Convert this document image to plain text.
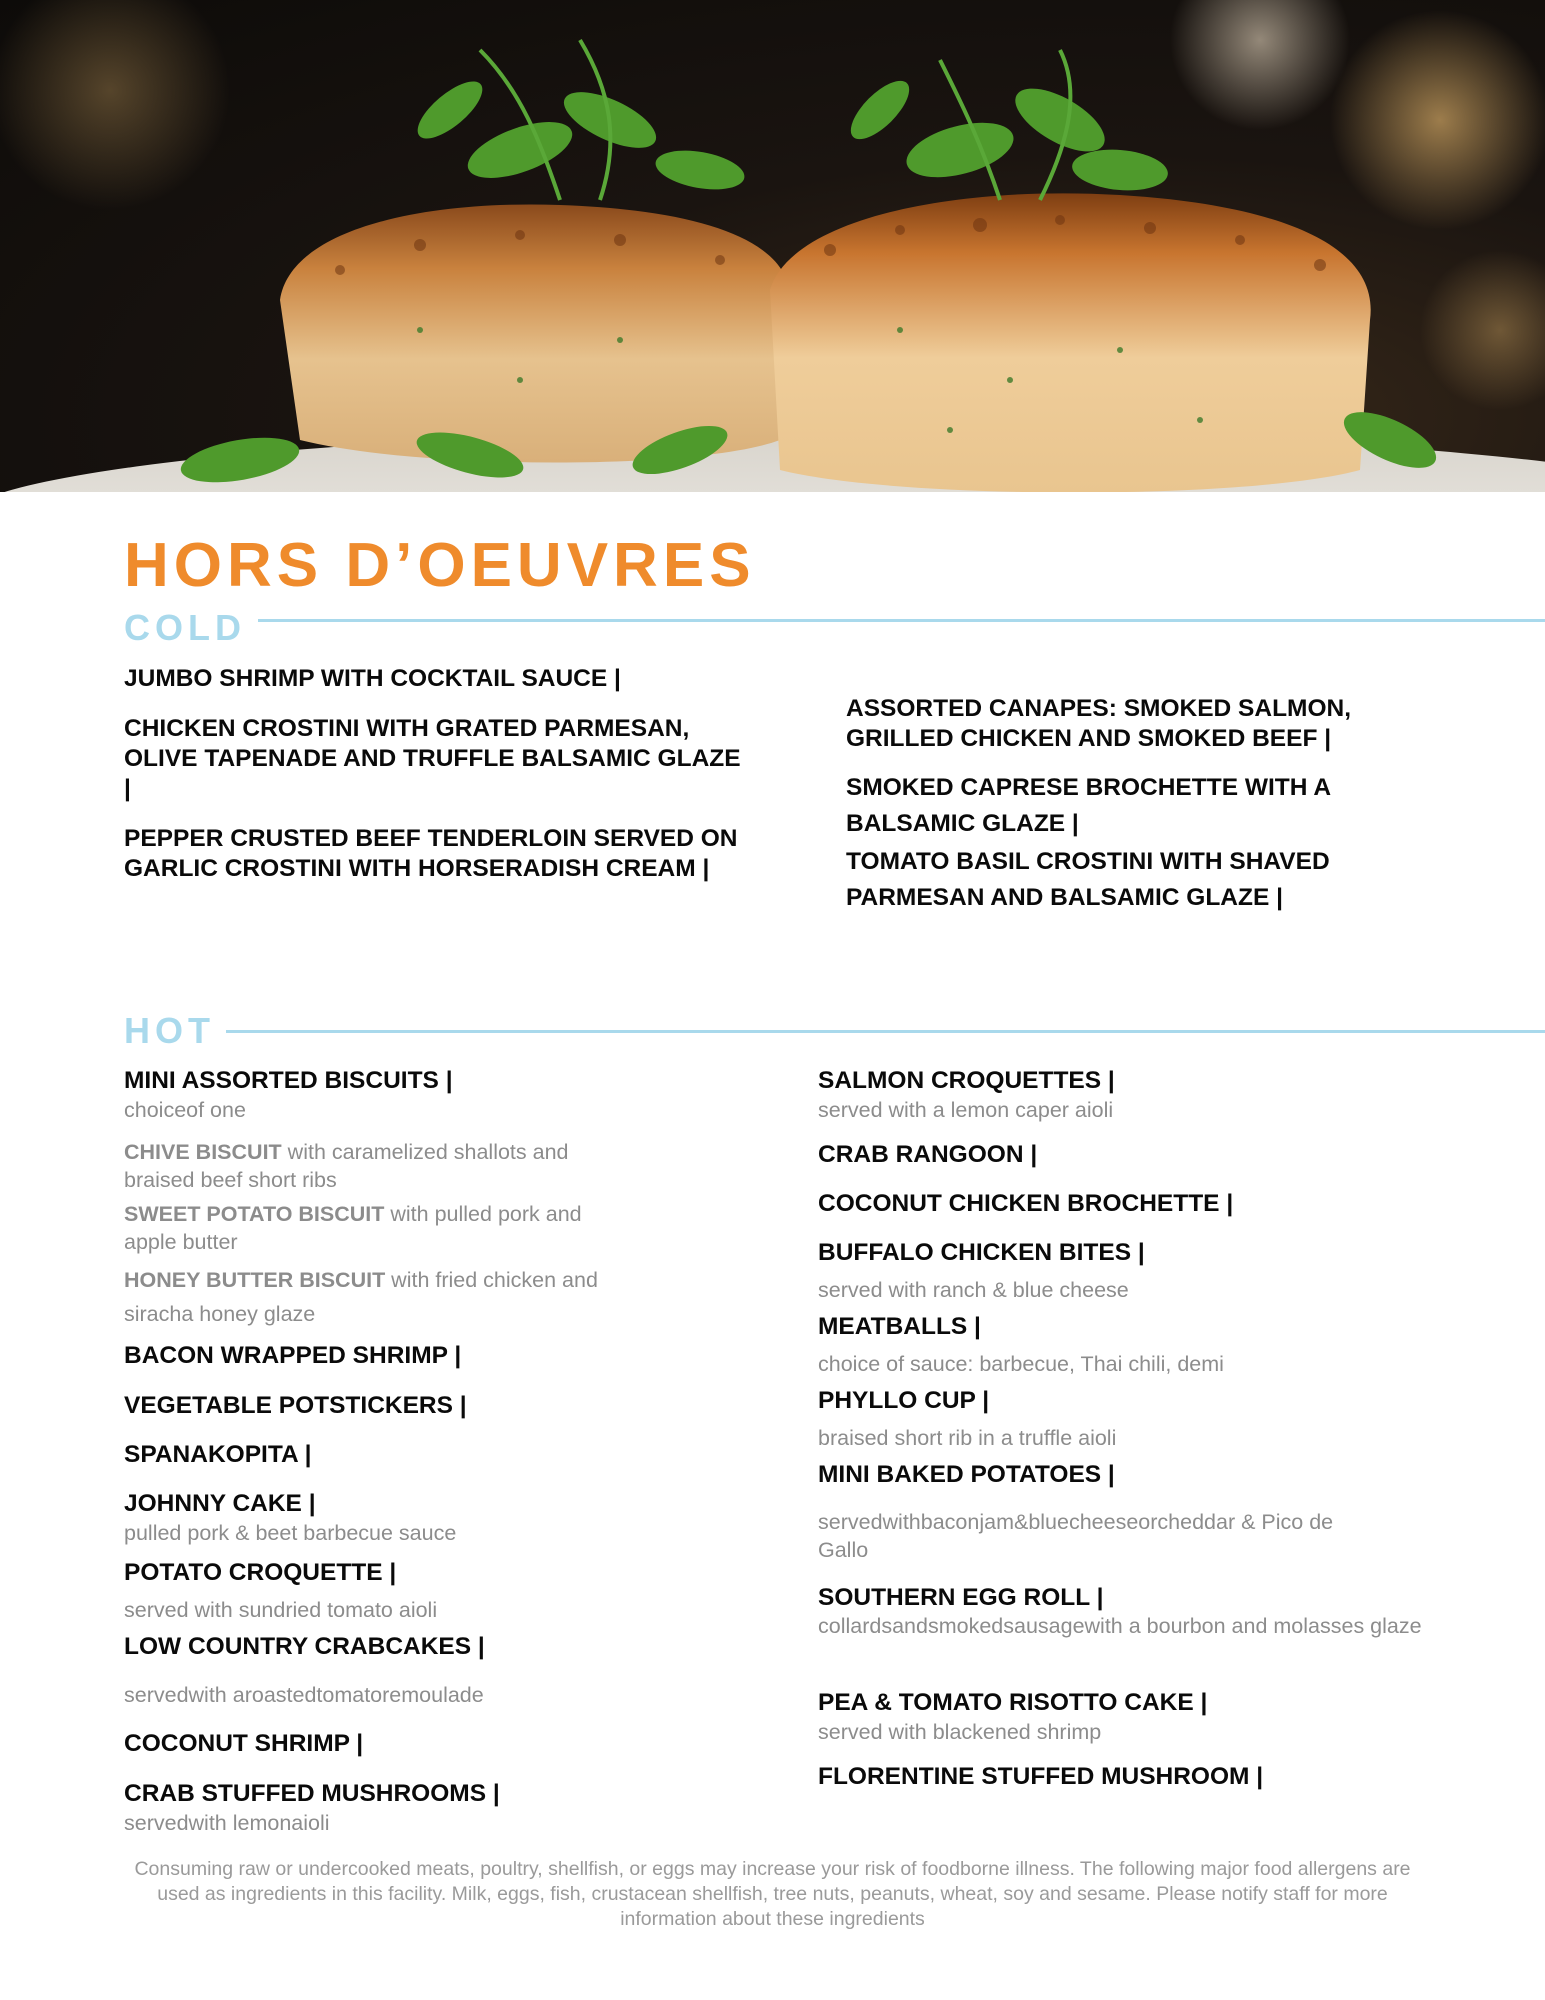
HORS D’OEUVRES
COLD

JUMBO SHRIMP WITH COCKTAIL SAUCE |

CHICKEN CROSTINI WITH GRATED PARMESAN, OLIVE TAPENADE AND TRUFFLE BALSAMIC GLAZE |

PEPPER CRUSTED BEEF TENDERLOIN SERVED ON GARLIC CROSTINI WITH HORSERADISH CREAM |

ASSORTED CANAPES: SMOKED SALMON, GRILLED CHICKEN AND SMOKED BEEF |

SMOKED CAPRESE BROCHETTE WITH A BALSAMIC GLAZE |

TOMATO BASIL CROSTINI WITH SHAVED PARMESAN AND BALSAMIC GLAZE |

HOT

MINI ASSORTED BISCUITS |

choiceof one

CHIVE BISCUIT with caramelized shallots and braised beef short ribs

SWEET POTATO BISCUIT with pulled pork and apple butter

HONEY BUTTER BISCUIT with fried chicken and siracha honey glaze

BACON WRAPPED SHRIMP |

VEGETABLE POTSTICKERS |

SPANAKOPITA |

JOHNNY CAKE |

pulled pork & beet barbecue sauce

POTATO CROQUETTE |

served with sundried tomato aioli

LOW COUNTRY CRABCAKES |

servedwith aroastedtomatoremoulade

COCONUT SHRIMP |

CRAB STUFFED MUSHROOMS |

servedwith lemonaioli

SALMON CROQUETTES |

served with a lemon caper aioli

CRAB RANGOON |

COCONUT CHICKEN BROCHETTE |

BUFFALO CHICKEN BITES |

served with ranch & blue cheese

MEATBALLS |

choice of sauce: barbecue, Thai chili, demi

PHYLLO CUP |

braised short rib in a truffle aioli

MINI BAKED POTATOES |

servedwithbaconjam&bluecheeseorcheddar & Pico de Gallo

SOUTHERN EGG ROLL |

collardsandsmokedsausagewith a bourbon and molasses glaze

PEA & TOMATO RISOTTO CAKE |

served with blackened shrimp

FLORENTINE STUFFED MUSHROOM |

Consuming raw or undercooked meats, poultry, shellfish, or eggs may increase your risk of foodborne illness. The following major food allergens are used as ingredients in this facility. Milk, eggs, fish, crustacean shellfish, tree nuts, peanuts, wheat, soy and sesame. Please notify staff for more information about these ingredients
